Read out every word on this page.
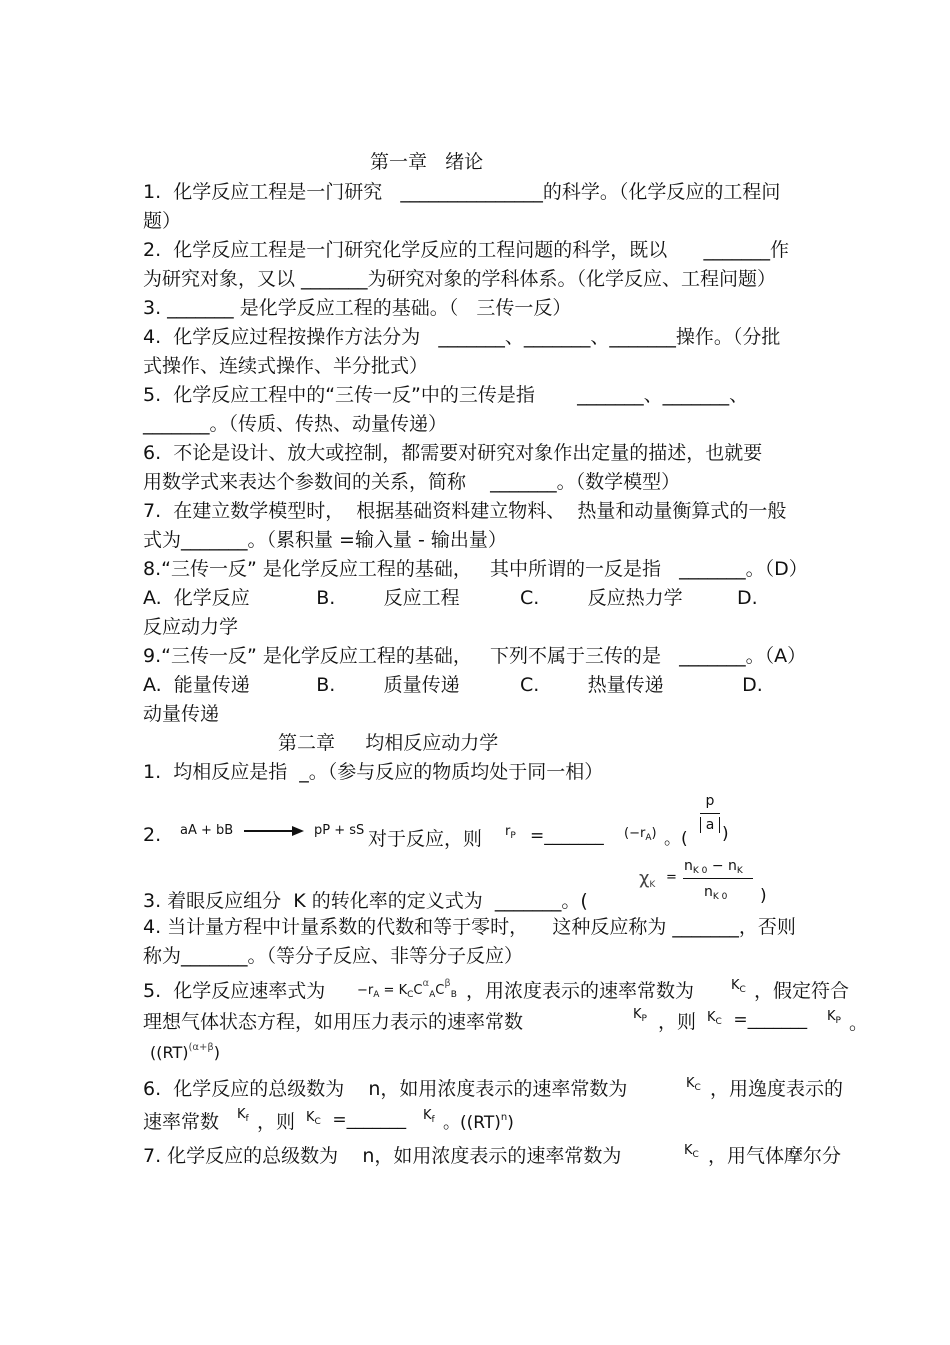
第一章   绪论
1.  化学反应工程是一门研究   _______________的科学。（化学反应的工程问
题）
2.  化学反应工程是一门研究化学反应的工程问题的科学，既以      _______作
为研究对象，又以 _______为研究对象的学科体系。（化学反应、工程问题）
3. _______ 是化学反应工程的基础。（   三传一反）
4.  化学反应过程按操作方法分为   _______、_______、_______操作。（分批
式操作、连续式操作、半分批式）
5.  化学反应工程中的“三传一反”中的三传是指       _______、_______、
_______。（传质、传热、动量传递）
6.  不论是设计、放大或控制，都需要对研究对象作出定量的描述，也就要
用数学式来表达个参数间的关系，简称    _______。（数学模型）
7.  在建立数学模型时，  根据基础资料建立物料、  热量和动量衡算式的一般
式为_______。（累积量 =输入量 - 输出量）
8.“三传一反” 是化学反应工程的基础，   其中所谓的一反是指   _______。（D）
A.  化学反应           B.        反应工程          C.        反应热力学         D.
反应动力学
9.“三传一反” 是化学反应工程的基础，   下列不属于三传的是   _______。（A）
A.  能量传递           B.        质量传递          C.        热量传递             D.
动量传递
第二章     均相反应动力学
1.  均相反应是指  _。（参与反应的物质均处于同一相）
2. aA + bB → pP + sS 对于反应，则 $r_P$ =_______ $(-r_A)$ 。(
p
a )
3. 着眼反应组分  K 的转化率的定义式为  _______。(
$\chi_K$ =
$n_{K 0} - n_K$
$n_{K 0}$ )
4. 当计量方程中计量系数的代数和等于零时，    这种反应称为 _______，否则
称为_______。（等分子反应、非等分子反应）
5.  化学反应速率式为 $-r_A = K_CC^\alpha_AC^\beta_B$ ，用浓度表示的速率常数为	$K_C$ ，假定符合
理想气体状态方程，如用压力表示的速率常数	$K_P$ ，则 $K_C$ =_______ $K_P$ 。
((RT)$^{(\alpha+\beta}$)
6.  化学反应的总级数为    n，如用浓度表示的速率常数为	$K_C$ ，用逸度表示的
速率常数 $K_f$ ，则 $K_C$ =_______ $K_f$ 。((RT)$^n$)
7. 化学反应的总级数为    n，如用浓度表示的速率常数为	$K_C$ ，用气体摩尔分
